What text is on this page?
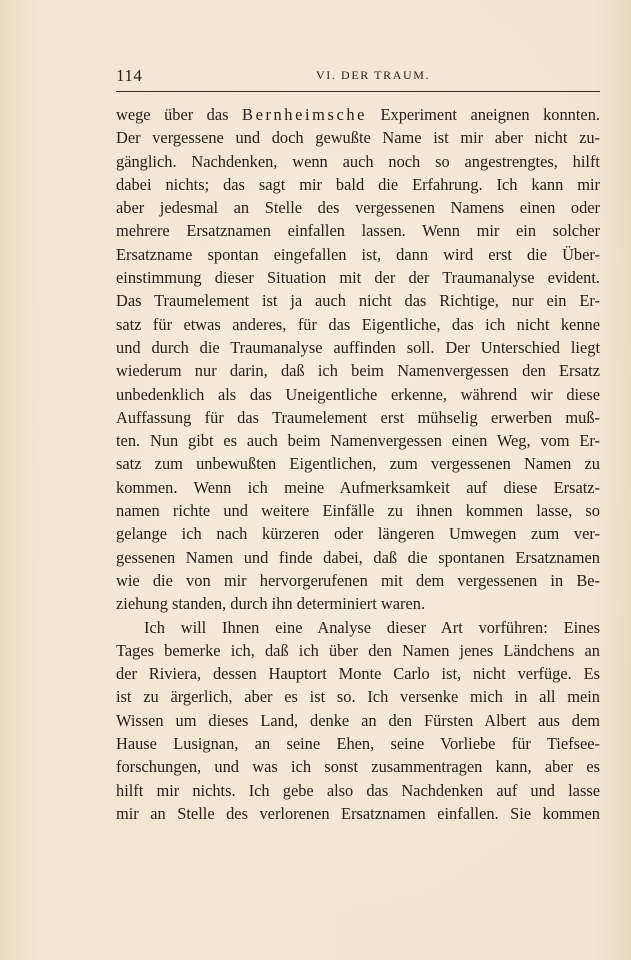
114	VI. DER TRAUM.
wege über das Bernheimsche Experiment aneignen konnten.
Der vergessene und doch gewußte Name ist mir aber nicht zu-
gänglich. Nachdenken, wenn auch noch so angestrengtes, hilft
dabei nichts; das sagt mir bald die Erfahrung. Ich kann mir
aber jedesmal an Stelle des vergessenen Namens einen oder
mehrere Ersatznamen einfallen lassen. Wenn mir ein solcher
Ersatzname spontan eingefallen ist, dann wird erst die Über-
einstimmung dieser Situation mit der der Traumanalyse evident.
Das Traumelement ist ja auch nicht das Richtige, nur ein Er-
satz für etwas anderes, für das Eigentliche, das ich nicht kenne
und durch die Traumanalyse auffinden soll. Der Unterschied liegt
wiederum nur darin, daß ich beim Namenvergessen den Ersatz
unbedenklich als das Uneigentliche erkenne, während wir diese
Auffassung für das Traumelement erst mühselig erwerben muß-
ten. Nun gibt es auch beim Namenvergessen einen Weg, vom Er-
satz zum unbewußten Eigentlichen, zum vergessenen Namen zu
kommen. Wenn ich meine Aufmerksamkeit auf diese Ersatz-
namen richte und weitere Einfälle zu ihnen kommen lasse, so
gelange ich nach kürzeren oder längeren Umwegen zum ver-
gessenen Namen und finde dabei, daß die spontanen Ersatznamen
wie die von mir hervorgerufenen mit dem vergessenen in Be-
ziehung standen, durch ihn determiniert waren.
Ich will Ihnen eine Analyse dieser Art vorführen: Eines
Tages bemerke ich, daß ich über den Namen jenes Ländchens an
der Riviera, dessen Hauptort Monte Carlo ist, nicht verfüge. Es
ist zu ärgerlich, aber es ist so. Ich versenke mich in all mein
Wissen um dieses Land, denke an den Fürsten Albert aus dem
Hause Lusignan, an seine Ehen, seine Vorliebe für Tiefsee-
forschungen, und was ich sonst zusammentragen kann, aber es
hilft mir nichts. Ich gebe also das Nachdenken auf und lasse
mir an Stelle des verlorenen Ersatznamen einfallen. Sie kommen
